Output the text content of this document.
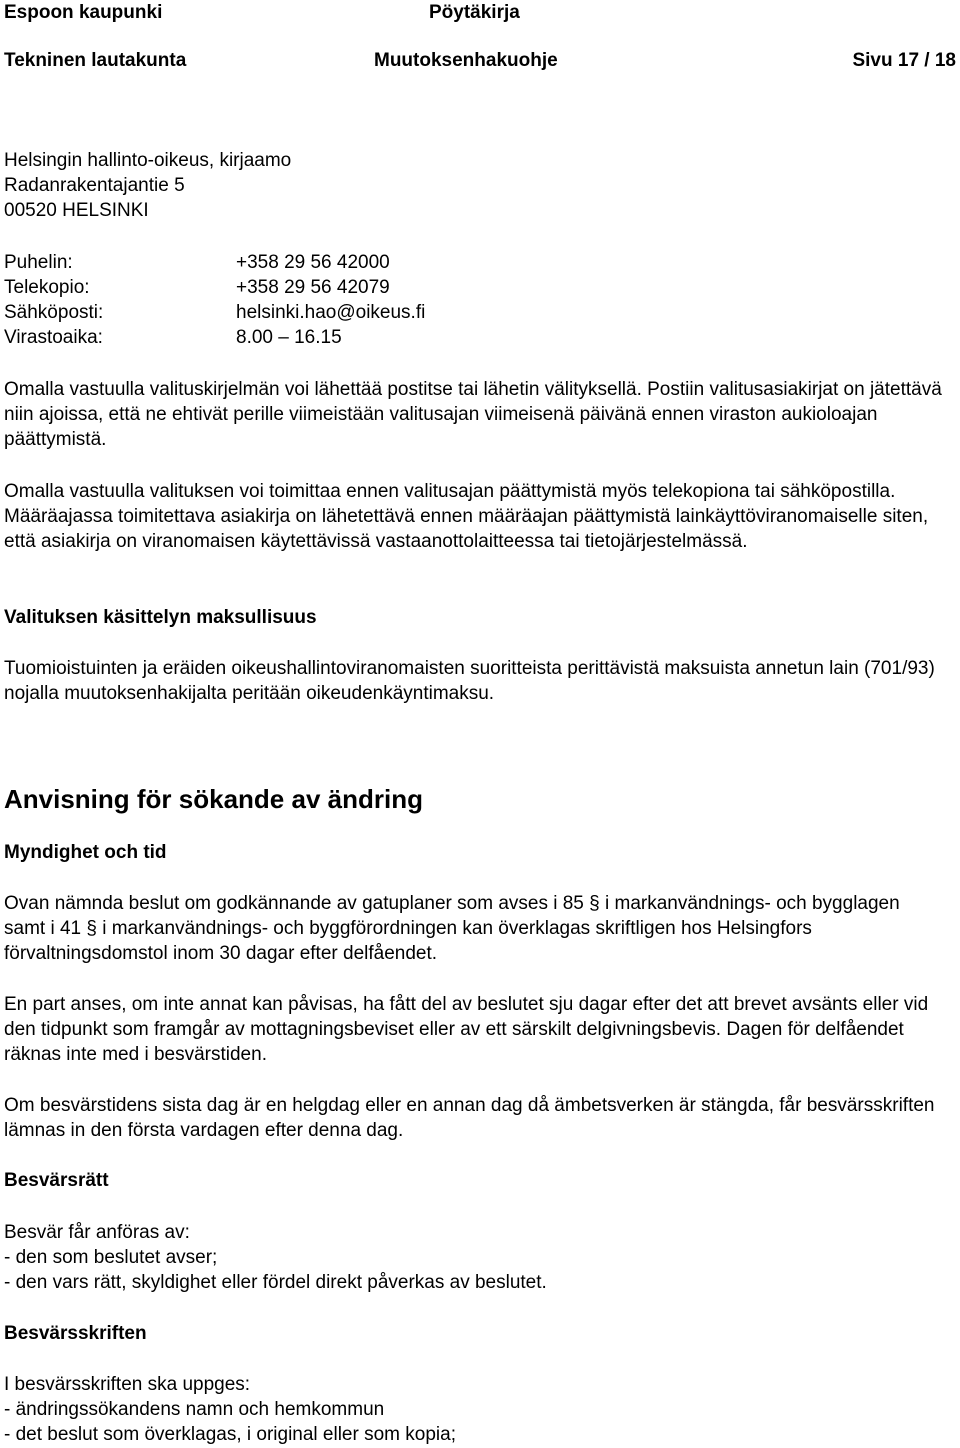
Espoon kaupunki	Pöytäkirja
Tekninen lautakunta	Muutoksenhakuohje	Sivu 17 / 18

Helsingin hallinto-oikeus, kirjaamo

Radanrakentajantie 5

00520 HELSINKI

Puhelin:	+358 29 56 42000
Telekopio:	+358 29 56 42079
Sähköposti:	helsinki.hao@oikeus.fi
Virastoaika:	8.00 – 16.15

Omalla vastuulla valituskirjelmän voi lähettää postitse tai lähetin välityksellä. Postiin valitusasiakirjat on jätettävä niin ajoissa, että ne ehtivät perille viimeistään valitusajan viimeisenä päivänä ennen viraston aukioloajan päättymistä.

Omalla vastuulla valituksen voi toimittaa ennen valitusajan päättymistä myös telekopiona tai sähköpostilla. Määräajassa toimitettava asiakirja on lähetettävä ennen määräajan päättymistä lainkäyttöviranomaiselle siten, että asiakirja on viranomaisen käytettävissä vastaanottolaitteessa tai tietojärjestelmässä.

Valituksen käsittelyn maksullisuus

Tuomioistuinten ja eräiden oikeushallintoviranomaisten suoritteista perittävistä maksuista annetun lain (701/93) nojalla muutoksenhakijalta peritään oikeudenkäyntimaksu.

Anvisning för sökande av ändring
Myndighet och tid

Ovan nämnda beslut om godkännande av gatuplaner som avses i 85 § i markanvändnings- och bygglagen samt i 41 § i markanvändnings- och byggförordningen kan överklagas skriftligen hos Helsingfors förvaltningsdomstol inom 30 dagar efter delfåendet.

En part anses, om inte annat kan påvisas, ha fått del av beslutet sju dagar efter det att brevet avsänts eller vid den tidpunkt som framgår av mottagningsbeviset eller av ett särskilt delgivningsbevis. Dagen för delfåendet räknas inte med i besvärstiden.

Om besvärstidens sista dag är en helgdag eller en annan dag då ämbetsverken är stängda, får besvärsskriften lämnas in den första vardagen efter denna dag.

Besvärsrätt

Besvär får anföras av:

- den som beslutet avser;

- den vars rätt, skyldighet eller fördel direkt påverkas av beslutet.

Besvärsskriften

I besvärsskriften ska uppges:

- ändringssökandens namn och hemkommun

- det beslut som överklagas, i original eller som kopia;
